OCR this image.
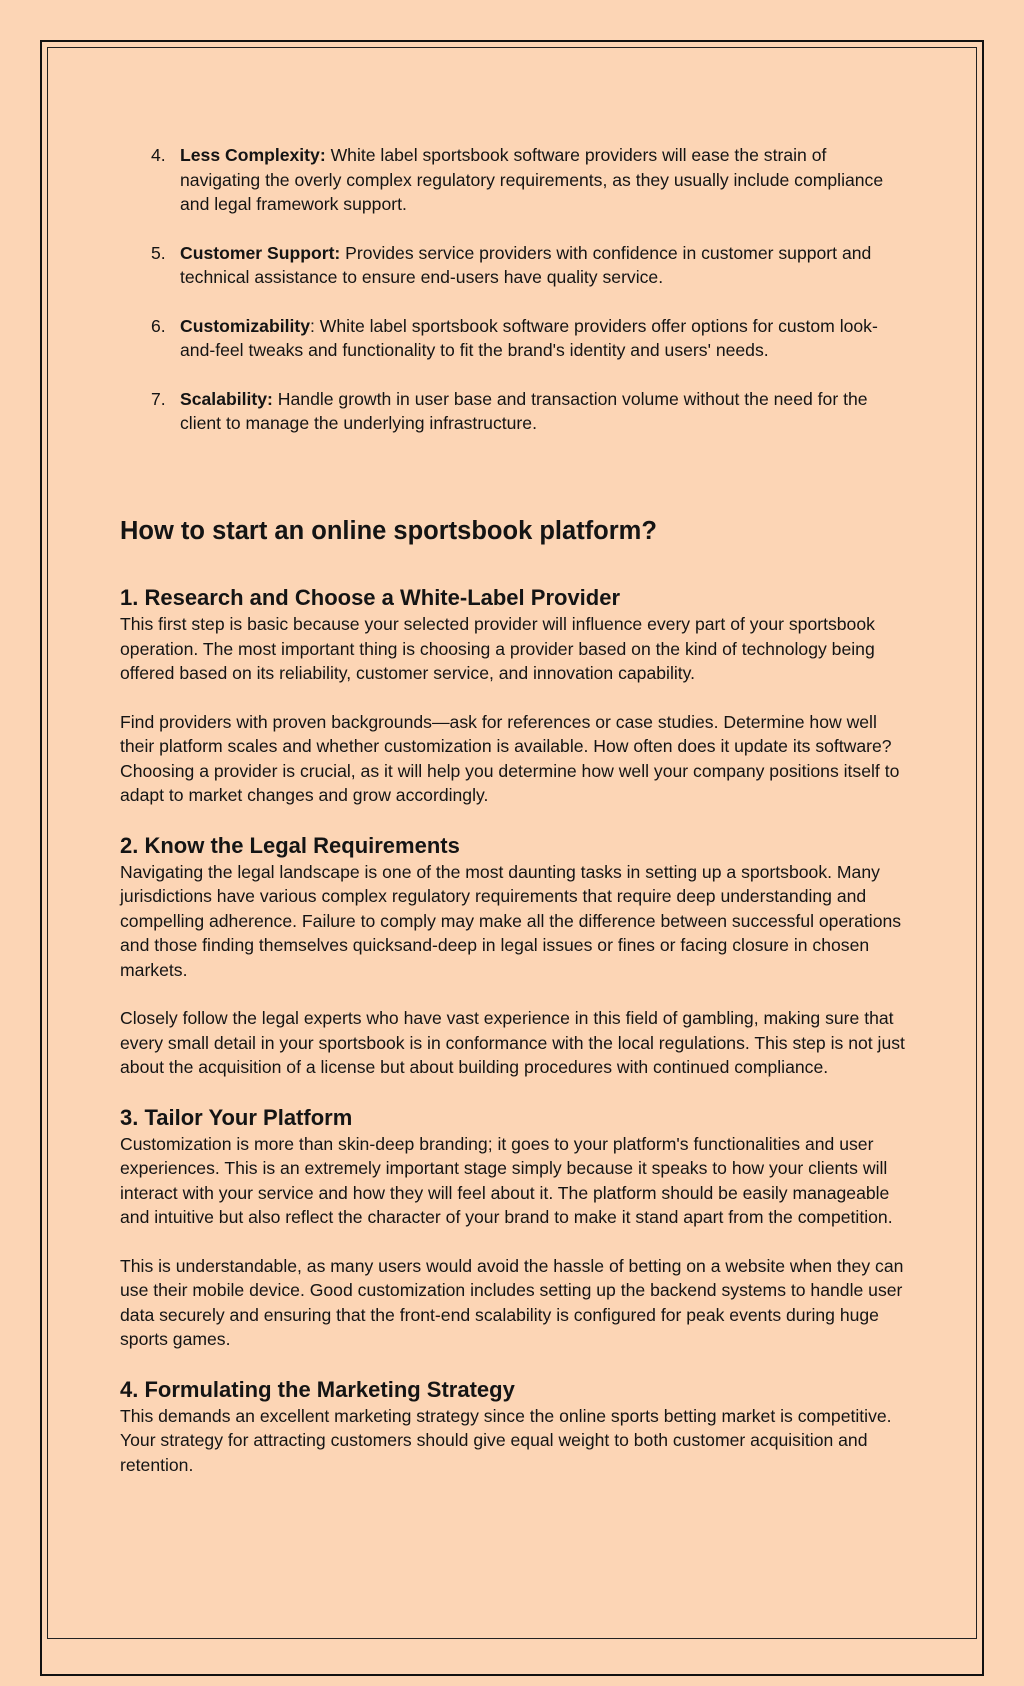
4. Less Complexity: White label sportsbook software providers will ease the strain of navigating the overly complex regulatory requirements, as they usually include compliance and legal framework support.
5. Customer Support: Provides service providers with confidence in customer support and technical assistance to ensure end-users have quality service.
6. Customizability: White label sportsbook software providers offer options for custom look-and-feel tweaks and functionality to fit the brand's identity and users' needs.
7. Scalability: Handle growth in user base and transaction volume without the need for the client to manage the underlying infrastructure.
How to start an online sportsbook platform?
1. Research and Choose a White-Label Provider

This first step is basic because your selected provider will influence every part of your sportsbook operation. The most important thing is choosing a provider based on the kind of technology being offered based on its reliability, customer service, and innovation capability.

Find providers with proven backgrounds—ask for references or case studies. Determine how well their platform scales and whether customization is available. How often does it update its software? Choosing a provider is crucial, as it will help you determine how well your company positions itself to adapt to market changes and grow accordingly.

2. Know the Legal Requirements

Navigating the legal landscape is one of the most daunting tasks in setting up a sportsbook. Many jurisdictions have various complex regulatory requirements that require deep understanding and compelling adherence. Failure to comply may make all the difference between successful operations and those finding themselves quicksand-deep in legal issues or fines or facing closure in chosen markets.

Closely follow the legal experts who have vast experience in this field of gambling, making sure that every small detail in your sportsbook is in conformance with the local regulations. This step is not just about the acquisition of a license but about building procedures with continued compliance.

3. Tailor Your Platform

Customization is more than skin-deep branding; it goes to your platform's functionalities and user experiences. This is an extremely important stage simply because it speaks to how your clients will interact with your service and how they will feel about it. The platform should be easily manageable and intuitive but also reflect the character of your brand to make it stand apart from the competition.

This is understandable, as many users would avoid the hassle of betting on a website when they can use their mobile device. Good customization includes setting up the backend systems to handle user data securely and ensuring that the front-end scalability is configured for peak events during huge sports games.

4. Formulating the Marketing Strategy

This demands an excellent marketing strategy since the online sports betting market is competitive. Your strategy for attracting customers should give equal weight to both customer acquisition and retention.
